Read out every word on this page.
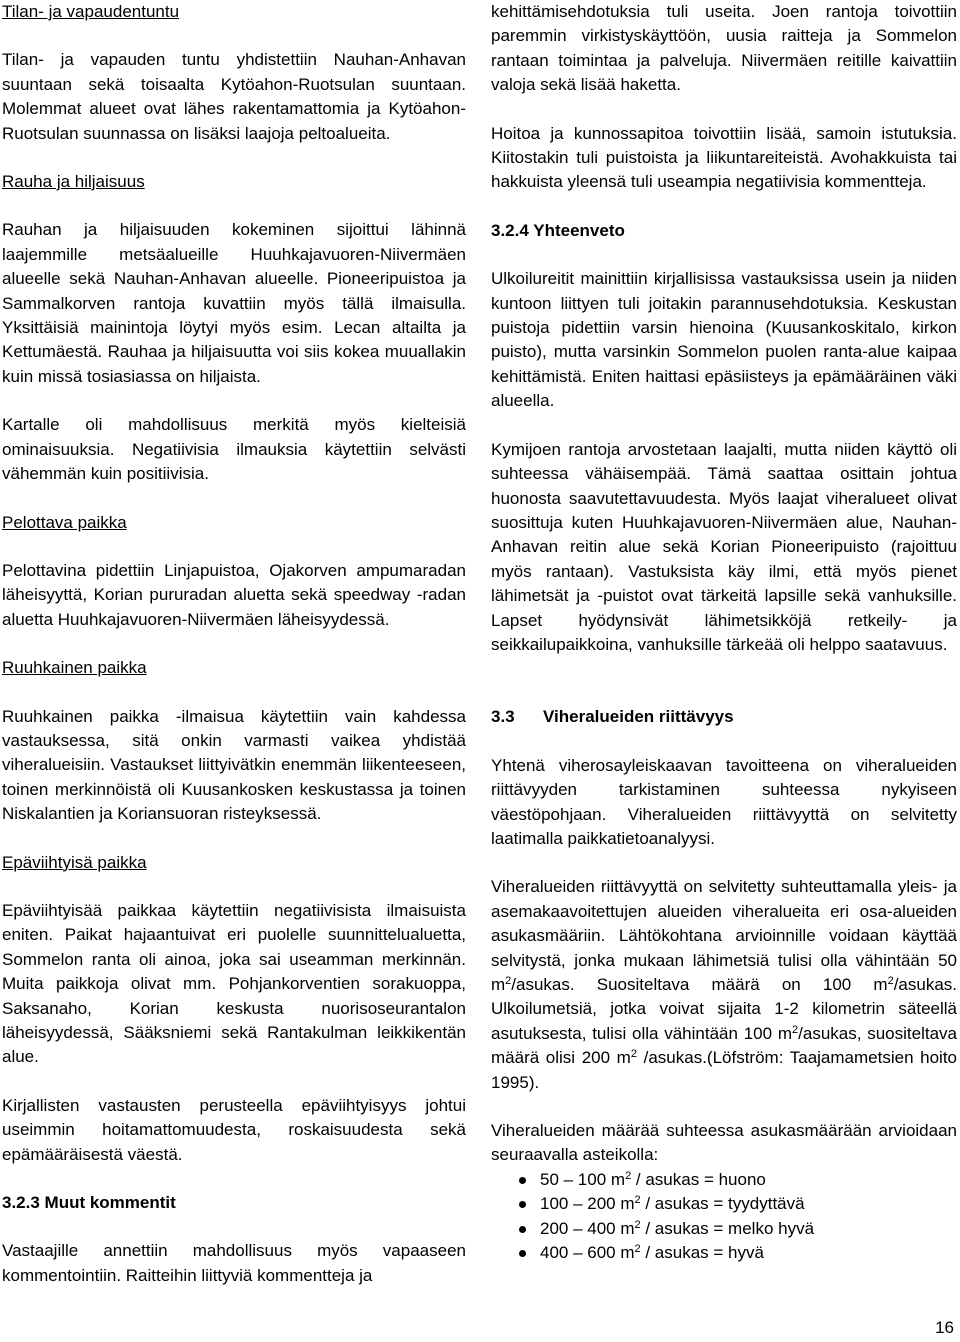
Tilan- ja vapaudentuntu

Tilan- ja vapauden tuntu yhdistettiin Nauhan-Anhavan suuntaan sekä toisaalta Kytöahon-Ruotsulan suuntaan. Molemmat alueet ovat lähes rakentamattomia ja Kytöahon-Ruotsulan suunnassa on lisäksi laajoja peltoalueita.

Rauha ja hiljaisuus

Rauhan ja hiljaisuuden kokeminen sijoittui lähinnä laajemmille metsäalueille Huuhkajavuoren-Niivermäen alueelle sekä Nauhan-Anhavan alueelle. Pioneeripuistoa ja Sammalkorven rantoja kuvattiin myös tällä ilmaisulla. Yksittäisiä mainintoja löytyi myös esim. Lecan altailta ja Kettumäestä. Rauhaa ja hiljaisuutta voi siis kokea muuallakin kuin missä tosiasiassa on hiljaista.

Kartalle oli mahdollisuus merkitä myös kielteisiä ominaisuuksia. Negatiivisia ilmauksia käytettiin selvästi vähemmän kuin positiivisia.

Pelottava paikka

Pelottavina pidettiin Linjapuistoa, Ojakorven ampumaradan läheisyyttä, Korian pururadan aluetta sekä speedway -radan aluetta Huuhkajavuoren-Niivermäen läheisyydessä.

Ruuhkainen paikka

Ruuhkainen paikka -ilmaisua käytettiin vain kahdessa vastauksessa, sitä onkin varmasti vaikea yhdistää viheralueisiin. Vastaukset liittyivätkin enemmän liikenteeseen, toinen merkinnöistä oli Kuusankosken keskustassa ja toinen Niskalantien ja Koriansuoran risteyksessä.

Epäviihtyisä paikka

Epäviihtyisää paikkaa käytettiin negatiivisista ilmaisuista eniten. Paikat hajaantuivat eri puolelle suunnittelualuetta, Sommelon ranta oli ainoa, joka sai useamman merkinnän. Muita paikkoja olivat mm. Pohjankorventien sorakuoppa, Saksanaho, Korian keskusta nuorisoseurantalon läheisyydessä, Sääksniemi sekä Rantakulman leikkikentän alue.

Kirjallisten vastausten perusteella epäviihtyisyys johtui useimmin hoitamattomuudesta, roskaisuudesta sekä epämääräisestä väestä.

3.2.3 Muut kommentit

Vastaajille annettiin mahdollisuus myös vapaaseen kommentointiin. Raitteihin liittyviä kommentteja ja

kehittämisehdotuksia tuli useita. Joen rantoja toivottiin paremmin virkistyskäyttöön, uusia raitteja ja Sommelon rantaan toimintaa ja palveluja. Niivermäen reitille kaivattiin valoja sekä lisää haketta.

Hoitoa ja kunnossapitoa toivottiin lisää, samoin istutuksia. Kiitostakin tuli puistoista ja liikuntareiteistä. Avohakkuista tai hakkuista yleensä tuli useampia negatiivisia kommentteja.

3.2.4 Yhteenveto

Ulkoilureitit mainittiin kirjallisissa vastauksissa usein ja niiden kuntoon liittyen tuli joitakin parannusehdotuksia. Keskustan puistoja pidettiin varsin hienoina (Kuusankoskitalo, kirkon puisto), mutta varsinkin Sommelon puolen ranta-alue kaipaa kehittämistä. Eniten haittasi epäsiisteys ja epämääräinen väki alueella.

Kymijoen rantoja arvostetaan laajalti, mutta niiden käyttö oli suhteessa vähäisempää. Tämä saattaa osittain johtua huonosta saavutettavuudesta. Myös laajat viheralueet olivat suosittuja kuten Huuhkajavuoren-Niivermäen alue, Nauhan-Anhavan reitin alue sekä Korian Pioneeripuisto (rajoittuu myös rantaan). Vastuksista käy ilmi, että myös pienet lähimetsät ja -puistot ovat tärkeitä lapsille sekä vanhuksille. Lapset hyödynsivät lähimetsikköjä retkeily- ja seikkailupaikkoina, vanhuksille tärkeää oli helppo saatavuus.

3.3 Viheralueiden riittävyys

Yhtenä viherosayleiskaavan tavoitteena on viheralueiden riittävyyden tarkistaminen suhteessa nykyiseen väestöpohjaan. Viheralueiden riittävyyttä on selvitetty laatimalla paikkatietoanalyysi.

Viheralueiden riittävyyttä on selvitetty suhteuttamalla yleis- ja asemakaavoitettujen alueiden viheralueita eri osa-alueiden asukasmääriin. Lähtökohtana arvioinnille voidaan käyttää selvitystä, jonka mukaan lähimetsiä tulisi olla vähintään 50 $m^2$/asukas. Suositeltava määrä on 100 $m^2$/asukas. Ulkoilumetsiä, jotka voivat sijaita 1-2 kilometrin säteellä asutuksesta, tulisi olla vähintään 100 $m^2$/asukas, suositeltava määrä olisi 200 $m^2$ /asukas.(Löfström: Taajamametsien hoito 1995).

Viheralueiden määrää suhteessa asukasmäärään arvioidaan seuraavalla asteikolla:

50 – 100 $m^2$ / asukas = huono
100 – 200 $m^2$ / asukas = tyydyttävä
200 – 400 $m^2$ / asukas = melko hyvä
400 – 600 $m^2$ / asukas = hyvä
16
